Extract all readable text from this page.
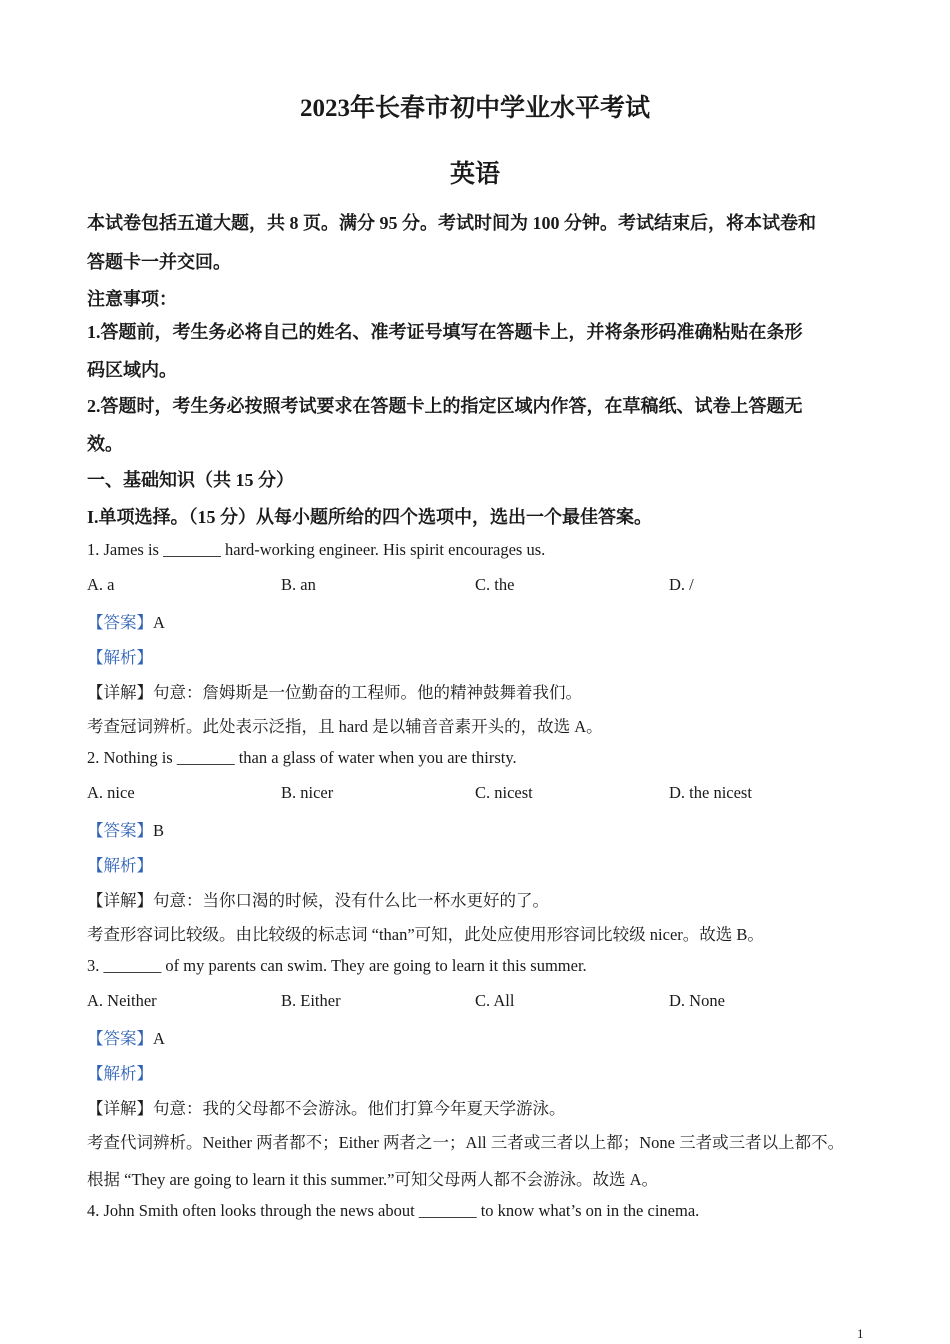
2023年长春市初中学业水平考试
英语
本试卷包括五道大题，共 8 页。满分 95 分。考试时间为 100 分钟。考试结束后，将本试卷和
答题卡一并交回。
注意事项：
1.答题前，考生务必将自己的姓名、准考证号填写在答题卡上，并将条形码准确粘贴在条形
码区域内。
2.答题时，考生务必按照考试要求在答题卡上的指定区域内作答，在草稿纸、试卷上答题无
效。
一、基础知识（共 15 分）
I.单项选择。（15 分）从每小题所给的四个选项中，选出一个最佳答案。
1. James is _______ hard-working engineer. His spirit encourages us.
A. a	B. an	C. the	D. /
【答案】A
【解析】
【详解】句意：詹姆斯是一位勤奋的工程师。他的精神鼓舞着我们。
考查冠词辨析。此处表示泛指，且 hard 是以辅音音素开头的，故选 A。
2. Nothing is _______ than a glass of water when you are thirsty.
A. nice	B. nicer	C. nicest	D. the nicest
【答案】B
【解析】
【详解】句意：当你口渴的时候，没有什么比一杯水更好的了。
考查形容词比较级。由比较级的标志词 “than”可知，此处应使用形容词比较级 nicer。故选 B。
3. _______ of my parents can swim. They are going to learn it this summer.
A. Neither	B. Either	C. All	D. None
【答案】A
【解析】
【详解】句意：我的父母都不会游泳。他们打算今年夏天学游泳。
考查代词辨析。Neither 两者都不；Either 两者之一；All 三者或三者以上都；None 三者或三者以上都不。
根据 “They are going to learn it this summer.”可知父母两人都不会游泳。故选 A。
4. John Smith often looks through the news about _______ to know what’s on in the cinema.
1
